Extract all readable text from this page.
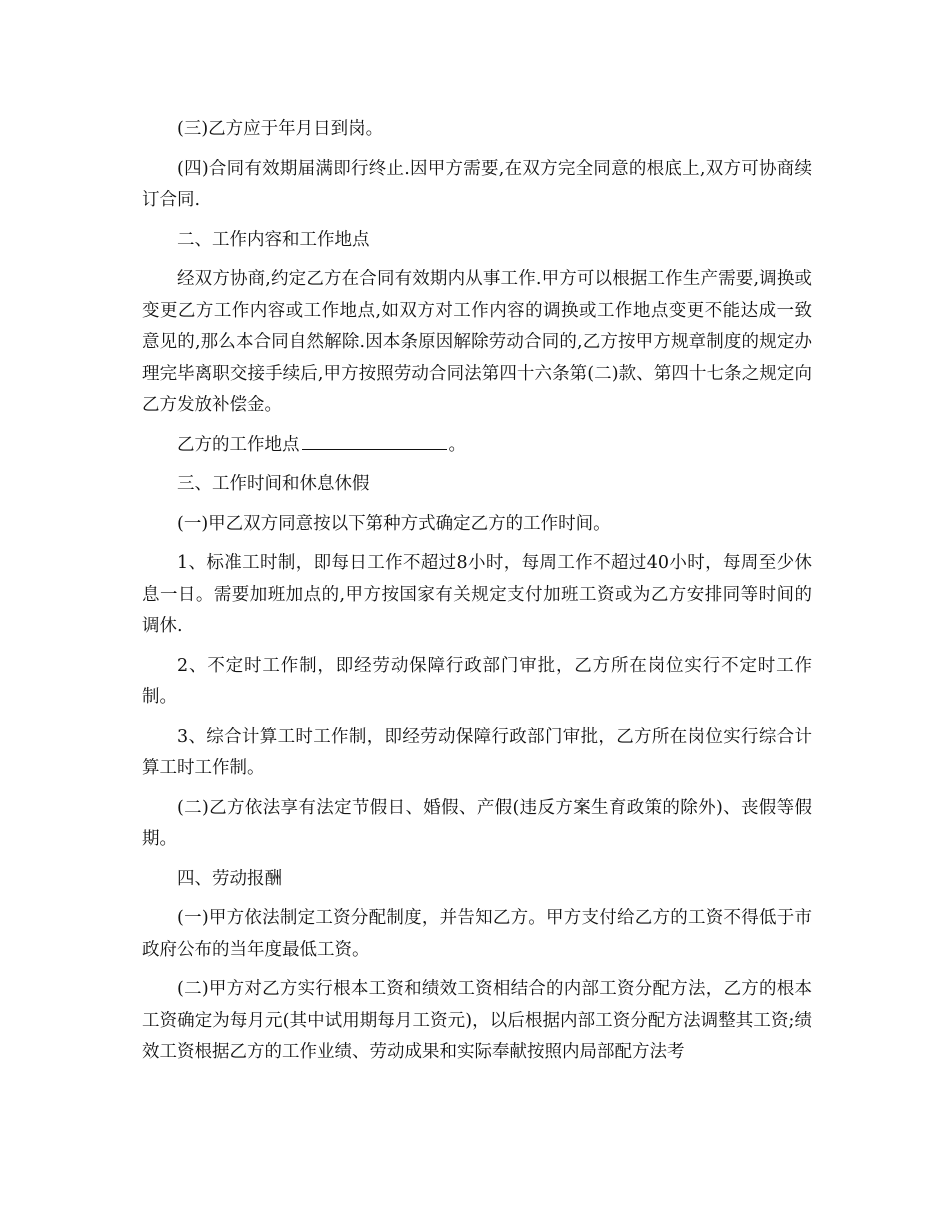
(三)乙方应于年月日到岗。

(四)合同有效期届满即行终止.因甲方需要,在双方完全同意的根底上,双方可协商续订合同.

二、工作内容和工作地点

经双方协商,约定乙方在合同有效期内从事工作.甲方可以根据工作生产需要,调换或变更乙方工作内容或工作地点,如双方对工作内容的调换或工作地点变更不能达成一致意见的,那么本合同自然解除.因本条原因解除劳动合同的,乙方按甲方规章制度的规定办理完毕离职交接手续后,甲方按照劳动合同法第四十六条第(二)款、第四十七条之规定向乙方发放补偿金。

乙方的工作地点	。

三、工作时间和休息休假

(一)甲乙双方同意按以下第种方式确定乙方的工作时间。

1、标准工时制，即每日工作不超过8小时，每周工作不超过40小时，每周至少休息一日。需要加班加点的,甲方按国家有关规定支付加班工资或为乙方安排同等时间的调休.

2、不定时工作制，即经劳动保障行政部门审批，乙方所在岗位实行不定时工作制。

3、综合计算工时工作制，即经劳动保障行政部门审批，乙方所在岗位实行综合计算工时工作制。

(二)乙方依法享有法定节假日、婚假、产假(违反方案生育政策的除外)、丧假等假期。

四、劳动报酬

(一)甲方依法制定工资分配制度，并告知乙方。甲方支付给乙方的工资不得低于市政府公布的当年度最低工资。

(二)甲方对乙方实行根本工资和绩效工资相结合的内部工资分配方法，乙方的根本工资确定为每月元(其中试用期每月工资元)，以后根据内部工资分配方法调整其工资;绩效工资根据乙方的工作业绩、劳动成果和实际奉献按照内局部配方法考
